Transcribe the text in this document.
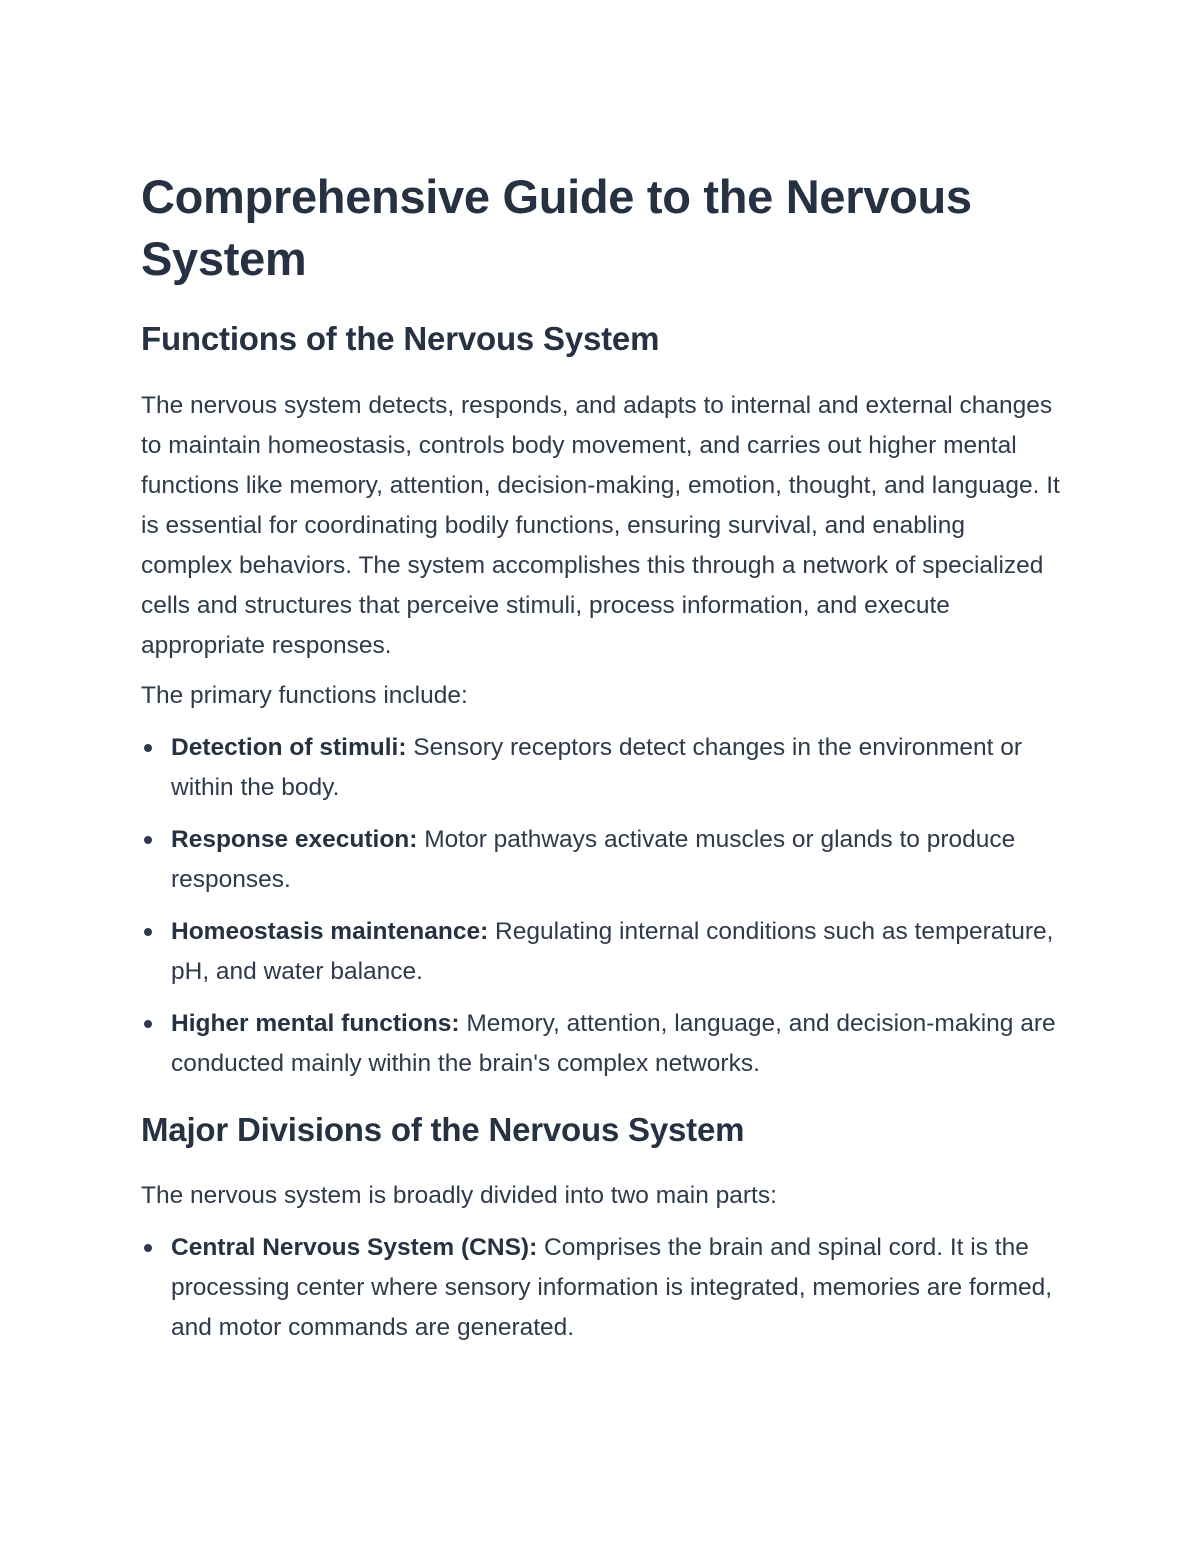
Comprehensive Guide to the Nervous System
Functions of the Nervous System

The nervous system detects, responds, and adapts to internal and external changes to maintain homeostasis, controls body movement, and carries out higher mental functions like memory, attention, decision-making, emotion, thought, and language. It is essential for coordinating bodily functions, ensuring survival, and enabling complex behaviors. The system accomplishes this through a network of specialized cells and structures that perceive stimuli, process information, and execute appropriate responses.

The primary functions include:

Detection of stimuli: Sensory receptors detect changes in the environment or within the body.
Response execution: Motor pathways activate muscles or glands to produce responses.
Homeostasis maintenance: Regulating internal conditions such as temperature, pH, and water balance.
Higher mental functions: Memory, attention, language, and decision-making are conducted mainly within the brain's complex networks.
Major Divisions of the Nervous System

The nervous system is broadly divided into two main parts:

Central Nervous System (CNS): Comprises the brain and spinal cord. It is the processing center where sensory information is integrated, memories are formed, and motor commands are generated.
